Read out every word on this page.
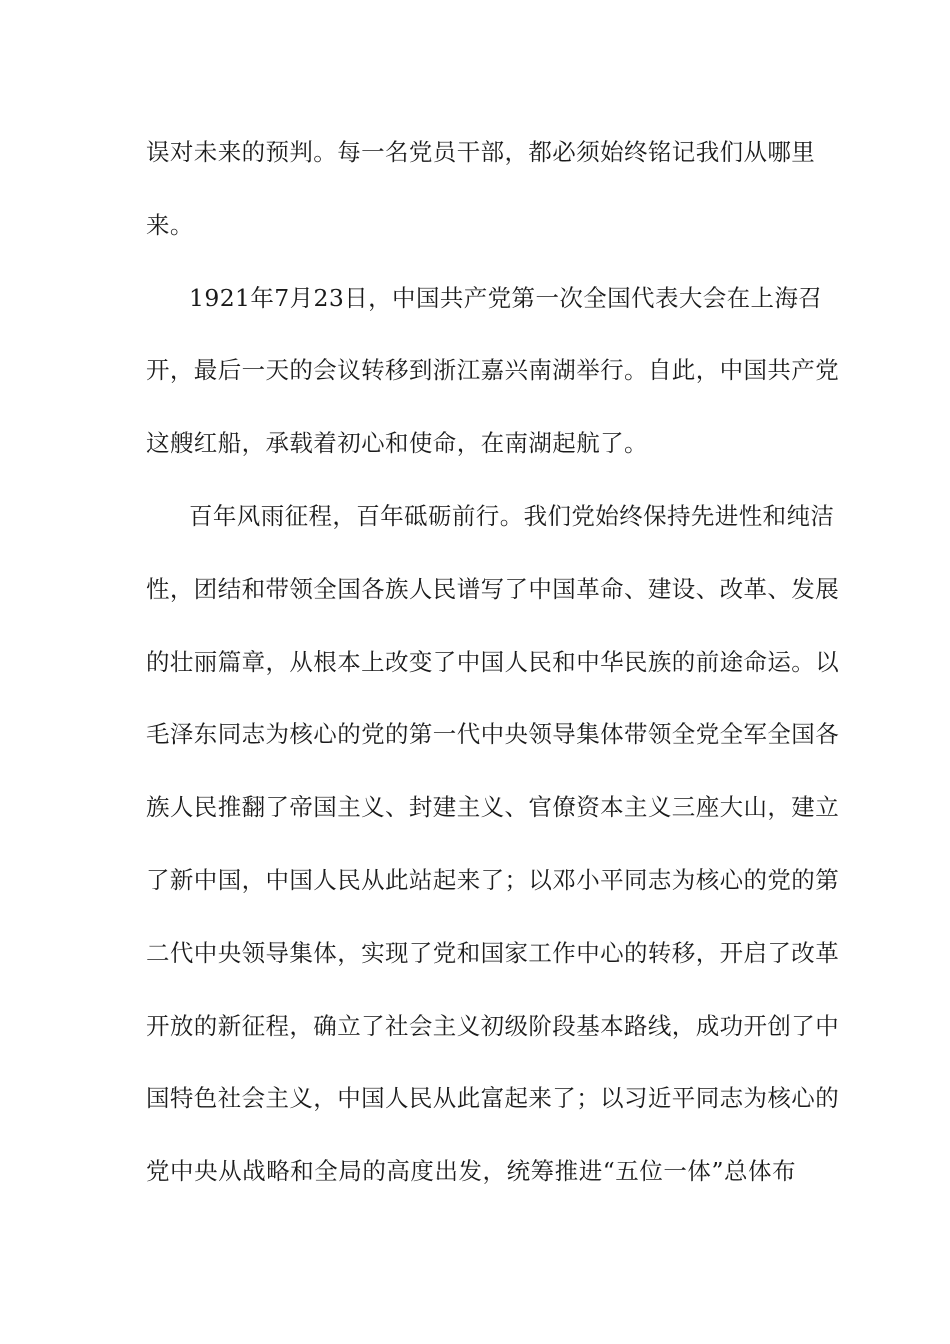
误对未来的预判。每一名党员干部，都必须始终铭记我们从哪里
来。
1921年7月23日，中国共产党第一次全国代表大会在上海召
开，最后一天的会议转移到浙江嘉兴南湖举行。自此，中国共产党
这艘红船，承载着初心和使命，在南湖起航了。
百年风雨征程，百年砥砺前行。我们党始终保持先进性和纯洁
性，团结和带领全国各族人民谱写了中国革命、建设、改革、发展
的壮丽篇章，从根本上改变了中国人民和中华民族的前途命运。以
毛泽东同志为核心的党的第一代中央领导集体带领全党全军全国各
族人民推翻了帝国主义、封建主义、官僚资本主义三座大山，建立
了新中国，中国人民从此站起来了；以邓小平同志为核心的党的第
二代中央领导集体，实现了党和国家工作中心的转移，开启了改革
开放的新征程，确立了社会主义初级阶段基本路线，成功开创了中
国特色社会主义，中国人民从此富起来了；以习近平同志为核心的
党中央从战略和全局的高度出发，统筹推进“五位一体”总体布
